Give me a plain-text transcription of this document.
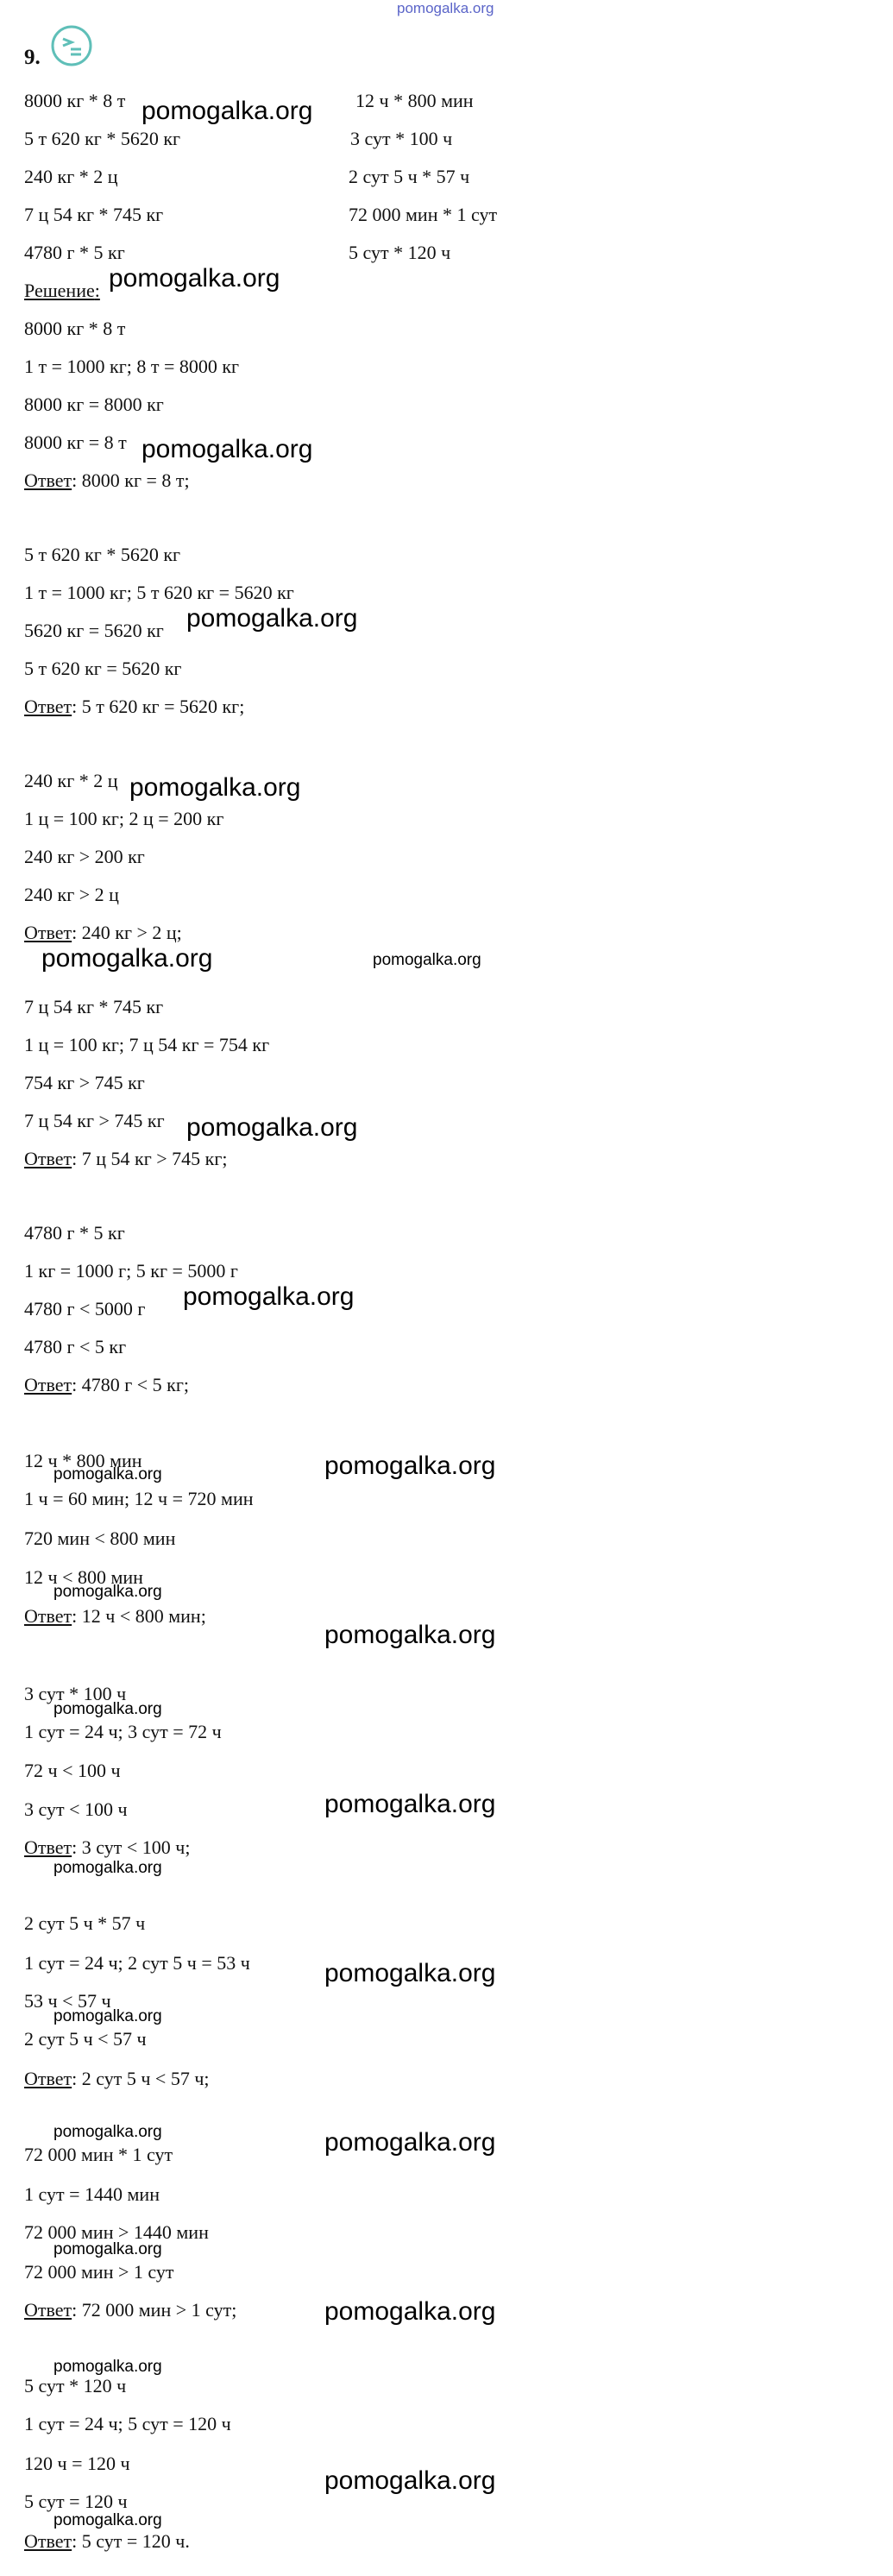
pomogalka.org
9.
8000 кг * 8 т
5 т 620 кг * 5620 кг
240 кг * 2 ц
7 ц 54 кг * 745 кг
4780 г * 5 кг
12 ч * 800 мин
3 сут * 100 ч
2 сут 5 ч * 57 ч
72 000 мин * 1 сут
5 сут * 120 ч
Решение:
8000 кг * 8 т
1 т = 1000 кг; 8 т = 8000 кг
8000 кг = 8000 кг
8000 кг = 8 т
Ответ: 8000 кг = 8 т;
5 т 620 кг * 5620 кг
1 т = 1000 кг; 5 т 620 кг = 5620 кг
5620 кг = 5620 кг
5 т 620 кг = 5620 кг
Ответ: 5 т 620 кг = 5620 кг;
240 кг * 2 ц
1 ц = 100 кг; 2 ц = 200 кг
240 кг > 200 кг
240 кг > 2 ц
Ответ: 240 кг > 2 ц;
7 ц 54 кг * 745 кг
1 ц = 100 кг; 7 ц 54 кг = 754 кг
754 кг > 745 кг
7 ц 54 кг > 745 кг
Ответ: 7 ц 54 кг > 745 кг;
4780 г * 5 кг
1 кг = 1000 г; 5 кг = 5000 г
4780 г < 5000 г
4780 г < 5 кг
Ответ: 4780 г < 5 кг;
12 ч * 800 мин
1 ч = 60 мин; 12 ч = 720 мин
720 мин < 800 мин
12 ч < 800 мин
Ответ: 12 ч < 800 мин;
3 сут * 100 ч
1 сут = 24 ч; 3 сут = 72 ч
72 ч < 100 ч
3 сут < 100 ч
Ответ: 3 сут < 100 ч;
2 сут 5 ч * 57 ч
1 сут = 24 ч; 2 сут 5 ч = 53 ч
53 ч < 57 ч
2 сут 5 ч < 57 ч
Ответ: 2 сут 5 ч < 57 ч;
72 000 мин * 1 сут
1 сут = 1440 мин
72 000 мин > 1440 мин
72 000 мин > 1 сут
Ответ: 72 000 мин > 1 сут;
5 сут * 120 ч
1 сут = 24 ч; 5 сут = 120 ч
120 ч = 120 ч
5 сут = 120 ч
Ответ: 5 сут = 120 ч.
pomogalka.org
pomogalka.org
pomogalka.org
pomogalka.org
pomogalka.org
pomogalka.org	pomogalka.org
pomogalka.org
pomogalka.org
pomogalka.org
pomogalka.org
pomogalka.org
pomogalka.org
pomogalka.org
pomogalka.org
pomogalka.org
pomogalka.org
pomogalka.org
pomogalka.org
pomogalka.org
pomogalka.org
pomogalka.org
pomogalka.org
pomogalka.org
pomogalka.org
